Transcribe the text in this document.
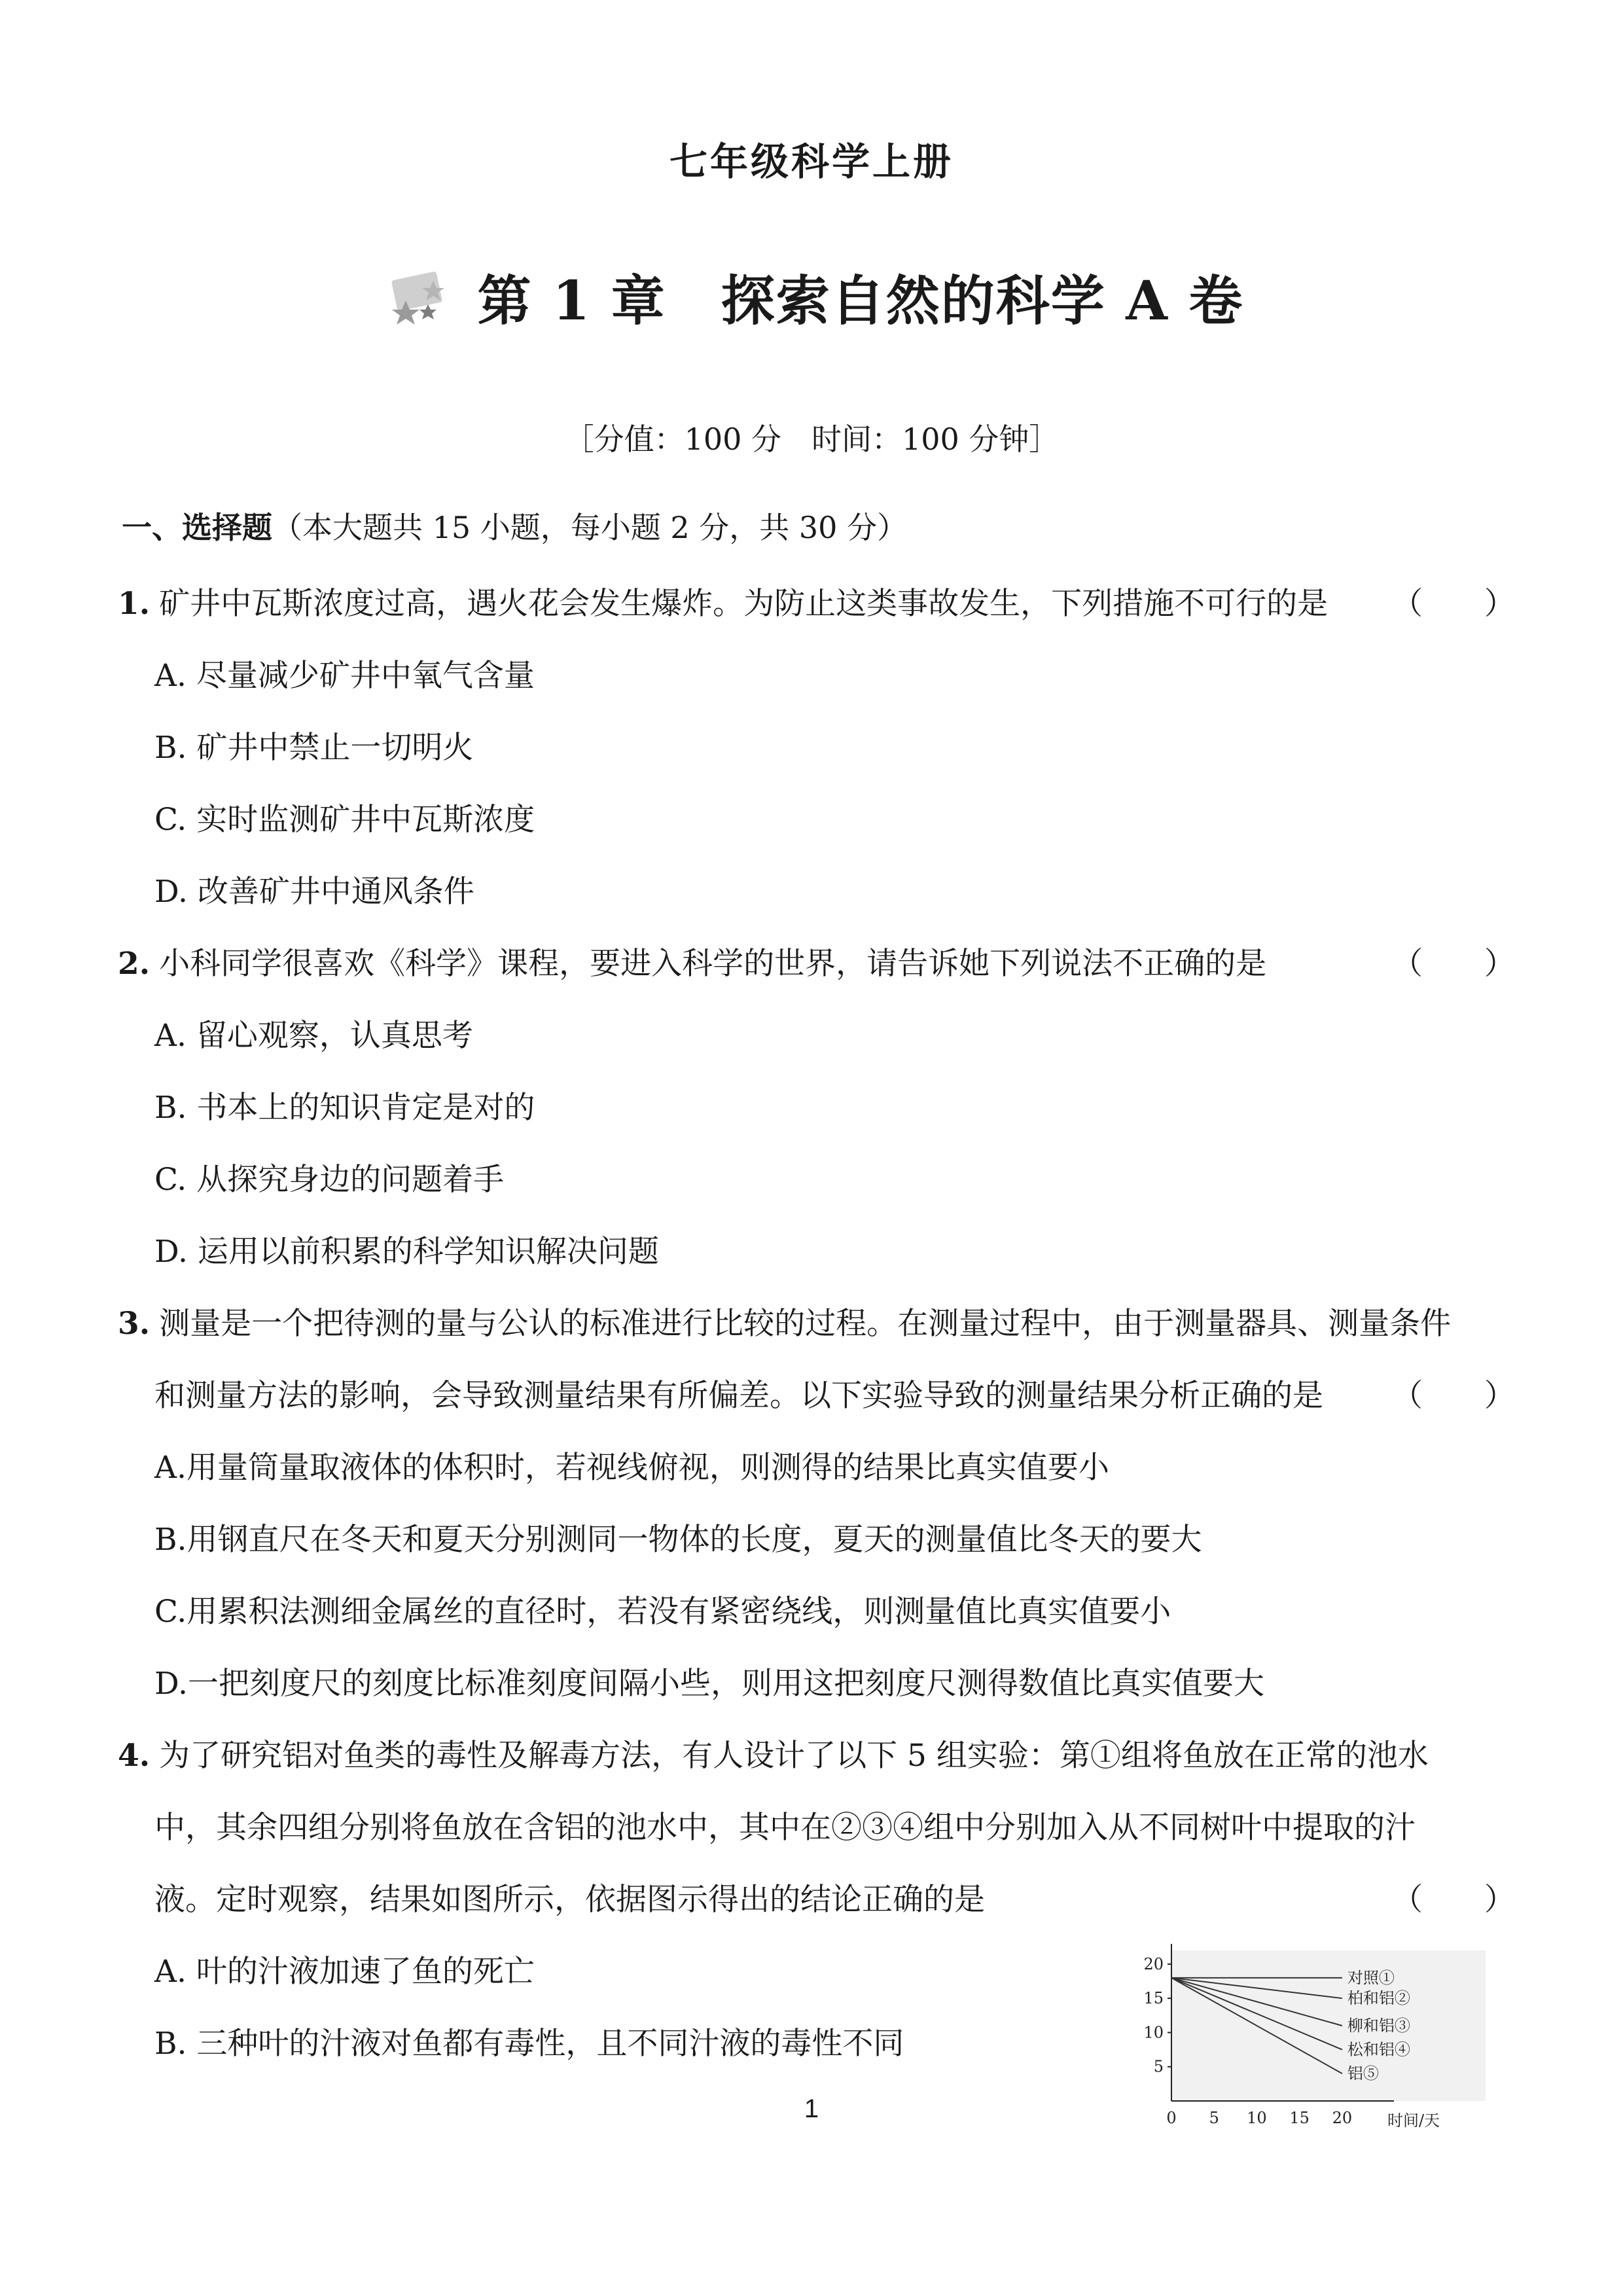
七年级科学上册
第 1 章　探索自然的科学 A 卷
［分值：100 分　时间：100 分钟］
一、选择题（本大题共 15 小题，每小题 2 分，共 30 分）
1. 矿井中瓦斯浓度过高，遇火花会发生爆炸。为防止这类事故发生，下列措施不可行的是 （　　）
A. 尽量减少矿井中氧气含量
B. 矿井中禁止一切明火
C. 实时监测矿井中瓦斯浓度
D. 改善矿井中通风条件
2. 小科同学很喜欢《科学》课程，要进入科学的世界，请告诉她下列说法不正确的是	（　　）
A. 留心观察，认真思考
B. 书本上的知识肯定是对的
C. 从探究身边的问题着手
D. 运用以前积累的科学知识解决问题
3. 测量是一个把待测的量与公认的标准进行比较的过程。在测量过程中，由于测量器具、测量条件
和测量方法的影响，会导致测量结果有所偏差。以下实验导致的测量结果分析正确的是 （　　）
A.用量筒量取液体的体积时，若视线俯视，则测得的结果比真实值要小
B.用钢直尺在冬天和夏天分别测同一物体的长度，夏天的测量值比冬天的要大
C.用累积法测细金属丝的直径时，若没有紧密绕线，则测量值比真实值要小
D.一把刻度尺的刻度比标准刻度间隔小些，则用这把刻度尺测得数值比真实值要大
4. 为了研究铝对鱼类的毒性及解毒方法，有人设计了以下 5 组实验：第①组将鱼放在正常的池水
中，其余四组分别将鱼放在含铝的池水中，其中在②③④组中分别加入从不同树叶中提取的汁
液。定时观察，结果如图所示，依据图示得出的结论正确的是	（　　）
A. 叶的汁液加速了鱼的死亡
B. 三种叶的汁液对鱼都有毒性，且不同汁液的毒性不同
0 5 10 15 20
5
10
15
20
时间/天
对照①
柏和铝②
柳和铝③
松和铝④
铝⑤
1
